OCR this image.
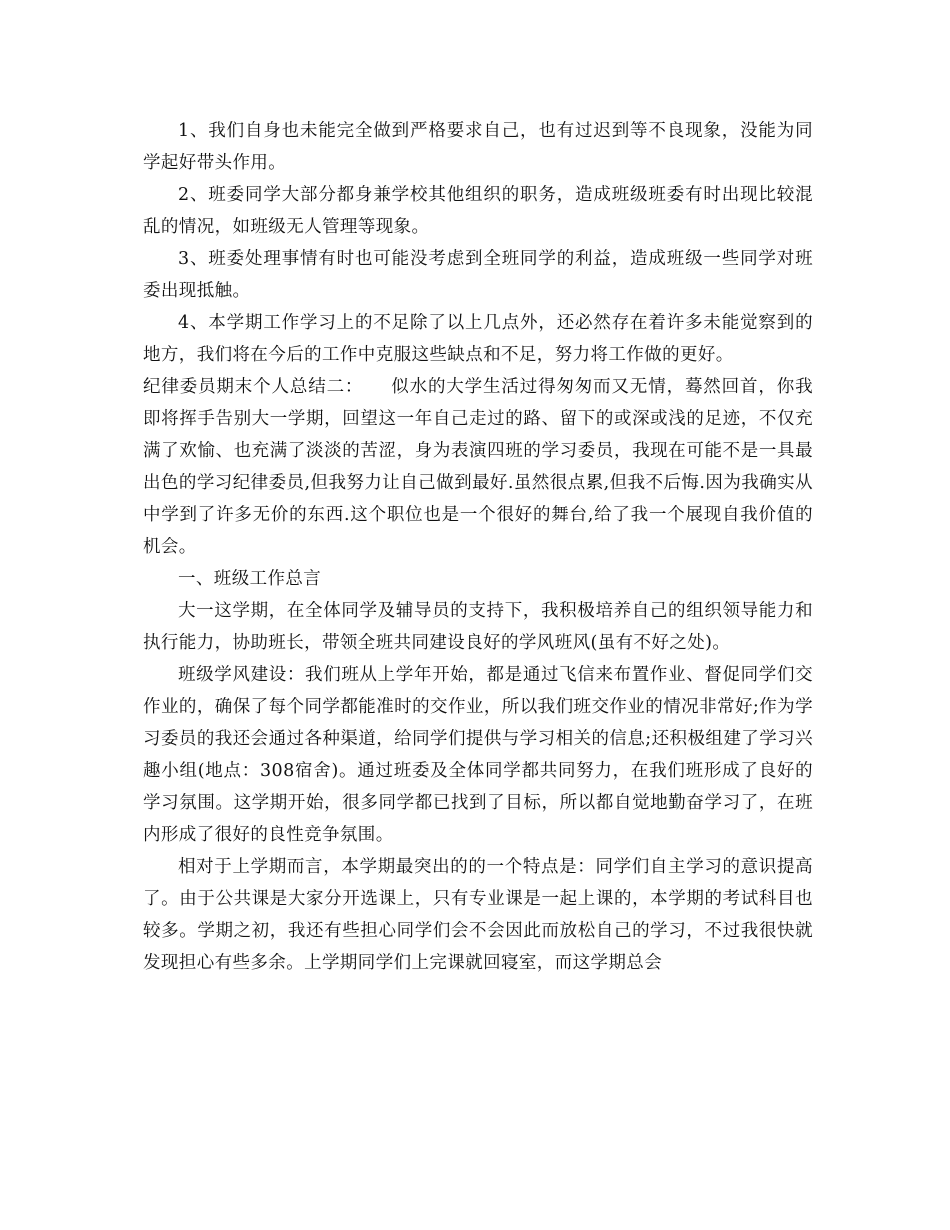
1、我们自身也未能完全做到严格要求自己，也有过迟到等不良现象，没能为同学起好带头作用。

2、班委同学大部分都身兼学校其他组织的职务，造成班级班委有时出现比较混乱的情况，如班级无人管理等现象。

3、班委处理事情有时也可能没考虑到全班同学的利益，造成班级一些同学对班委出现抵触。

4、本学期工作学习上的不足除了以上几点外，还必然存在着许多未能觉察到的地方，我们将在今后的工作中克服这些缺点和不足，努力将工作做的更好。

纪律委员期末个人总结二：　　似水的大学生活过得匆匆而又无情，蓦然回首，你我即将挥手告别大一学期，回望这一年自己走过的路、留下的或深或浅的足迹，不仅充满了欢愉、也充满了淡淡的苦涩，身为表演四班的学习委员，我现在可能不是一具最出色的学习纪律委员,但我努力让自己做到最好.虽然很点累,但我不后悔.因为我确实从中学到了许多无价的东西.这个职位也是一个很好的舞台,给了我一个展现自我价值的机会。

一、班级工作总言

大一这学期，在全体同学及辅导员的支持下，我积极培养自己的组织领导能力和执行能力，协助班长，带领全班共同建设良好的学风班风(虽有不好之处)。

班级学风建设：我们班从上学年开始，都是通过飞信来布置作业、督促同学们交作业的，确保了每个同学都能准时的交作业，所以我们班交作业的情况非常好;作为学习委员的我还会通过各种渠道，给同学们提供与学习相关的信息;还积极组建了学习兴趣小组(地点：308宿舍)。通过班委及全体同学都共同努力，在我们班形成了良好的学习氛围。这学期开始，很多同学都已找到了目标，所以都自觉地勤奋学习了，在班内形成了很好的良性竞争氛围。

相对于上学期而言，本学期最突出的的一个特点是：同学们自主学习的意识提高了。由于公共课是大家分开选课上，只有专业课是一起上课的，本学期的考试科目也较多。学期之初，我还有些担心同学们会不会因此而放松自己的学习，不过我很快就发现担心有些多余。上学期同学们上完课就回寝室，而这学期总会
